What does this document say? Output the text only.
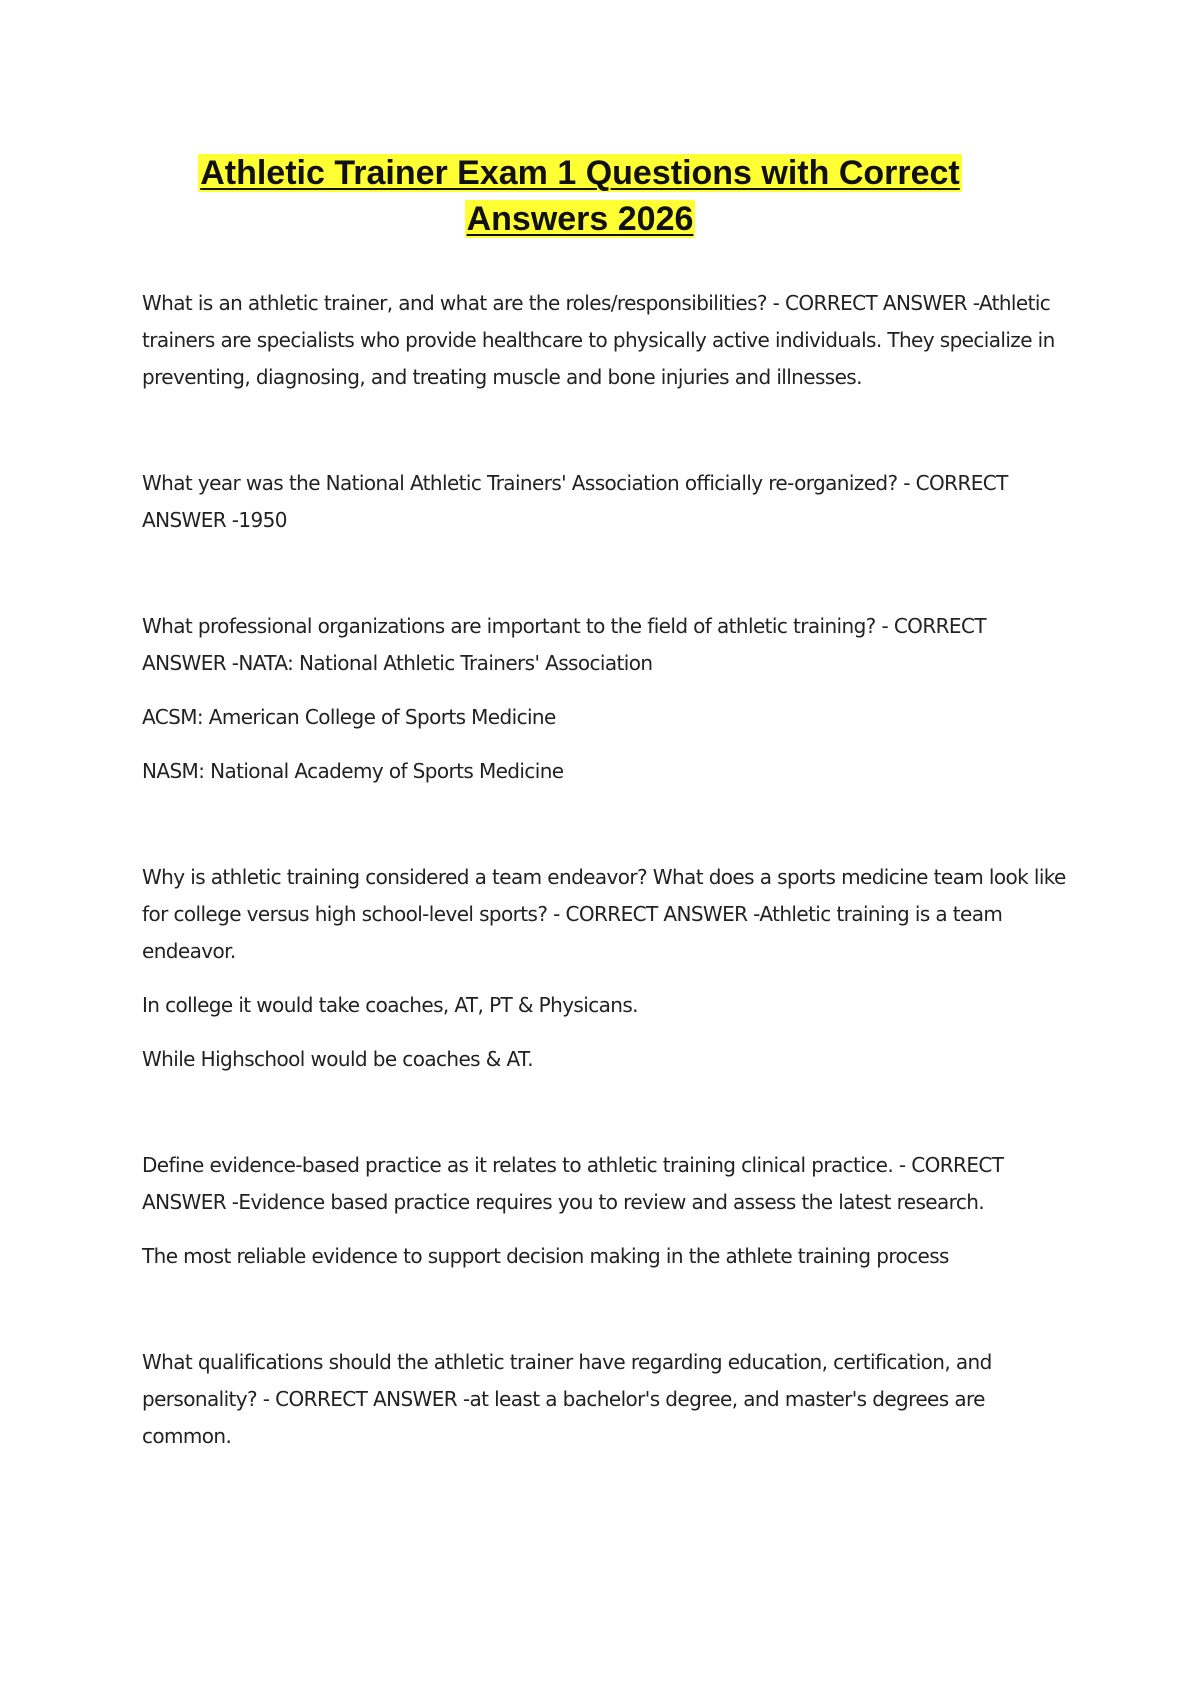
Athletic Trainer Exam 1 Questions with Correct Answers 2026

What is an athletic trainer, and what are the roles/responsibilities? - CORRECT ANSWER -Athletic trainers are specialists who provide healthcare to physically active individuals. They specialize in preventing, diagnosing, and treating muscle and bone injuries and illnesses.

What year was the National Athletic Trainers' Association officially re-organized? - CORRECT ANSWER -1950

What professional organizations are important to the field of athletic training? - CORRECT ANSWER -NATA: National Athletic Trainers' Association

ACSM: American College of Sports Medicine

NASM: National Academy of Sports Medicine

Why is athletic training considered a team endeavor? What does a sports medicine team look like for college versus high school-level sports? - CORRECT ANSWER -Athletic training is a team endeavor.

In college it would take coaches, AT, PT & Physicans.

While Highschool would be coaches & AT.

Define evidence-based practice as it relates to athletic training clinical practice. - CORRECT ANSWER -Evidence based practice requires you to review and assess the latest research.

The most reliable evidence to support decision making in the athlete training process

What qualifications should the athletic trainer have regarding education, certification, and personality? - CORRECT ANSWER -at least a bachelor's degree, and master's degrees are common.
